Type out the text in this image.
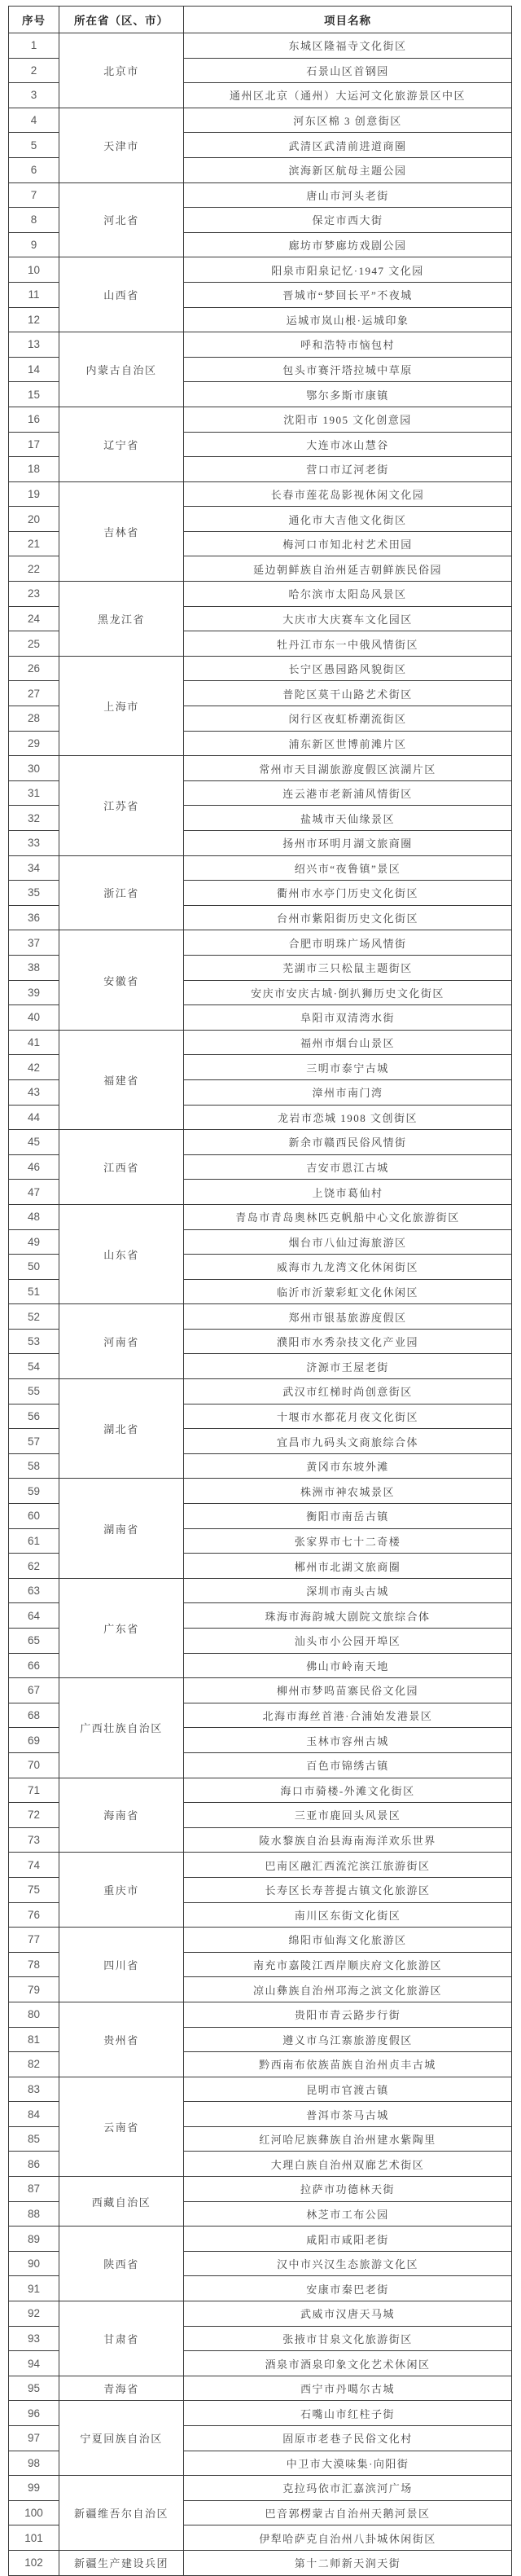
序号	所在省（区、市）	项目名称
1	北京市	东城区隆福寺文化街区
2		石景山区首钢园
3		通州区北京（通州）大运河文化旅游景区中区
4	天津市	河东区棉 3 创意街区
5		武清区武清前进道商圈
6		滨海新区航母主题公园
7	河北省	唐山市河头老街
8		保定市西大街
9		廊坊市梦廊坊戏剧公园
10	山西省	阳泉市阳泉记忆·1947 文化园
11		晋城市“梦回长平”不夜城
12		运城市岚山根·运城印象
13	内蒙古自治区	呼和浩特市恼包村
14		包头市赛汗塔拉城中草原
15		鄂尔多斯市康镇
16	辽宁省	沈阳市 1905 文化创意园
17		大连市冰山慧谷
18		营口市辽河老街
19	吉林省	长春市莲花岛影视休闲文化园
20		通化市大吉他文化街区
21		梅河口市知北村艺术田园
22		延边朝鲜族自治州延吉朝鲜族民俗园
23	黑龙江省	哈尔滨市太阳岛风景区
24		大庆市大庆赛车文化园区
25		牡丹江市东一中俄风情街区
26	上海市	长宁区愚园路风貌街区
27		普陀区莫干山路艺术街区
28		闵行区夜虹桥潮流街区
29		浦东新区世博前滩片区
30	江苏省	常州市天目湖旅游度假区滨湖片区
31		连云港市老新浦风情街区
32		盐城市天仙缘景区
33		扬州市环明月湖文旅商圈
34	浙江省	绍兴市“夜鲁镇”景区
35		衢州市水亭门历史文化街区
36		台州市紫阳街历史文化街区
37	安徽省	合肥市明珠广场风情街
38		芜湖市三只松鼠主题街区
39		安庆市安庆古城·倒扒狮历史文化街区
40		阜阳市双清湾水街
41	福建省	福州市烟台山景区
42		三明市泰宁古城
43		漳州市南门湾
44		龙岩市恋城 1908 文创街区
45	江西省	新余市赣西民俗风情街
46		吉安市恩江古城
47		上饶市葛仙村
48	山东省	青岛市青岛奥林匹克帆船中心文化旅游街区
49		烟台市八仙过海旅游区
50		威海市九龙湾文化休闲街区
51		临沂市沂蒙彩虹文化休闲区
52	河南省	郑州市银基旅游度假区
53		濮阳市水秀杂技文化产业园
54		济源市王屋老街
55	湖北省	武汉市红梯时尚创意街区
56		十堰市水都花月夜文化街区
57		宜昌市九码头文商旅综合体
58		黄冈市东坡外滩
59	湖南省	株洲市神农城景区
60		衡阳市南岳古镇
61		张家界市七十二奇楼
62		郴州市北湖文旅商圈
63	广东省	深圳市南头古城
64		珠海市海韵城大剧院文旅综合体
65		汕头市小公园开埠区
66		佛山市岭南天地
67	广西壮族自治区	柳州市梦呜苗寨民俗文化园
68		北海市海丝首港·合浦始发港景区
69		玉林市容州古城
70		百色市锦绣古镇
71	海南省	海口市骑楼-外滩文化街区
72		三亚市鹿回头风景区
73		陵水黎族自治县海南海洋欢乐世界
74	重庆市	巴南区融汇西流沱滨江旅游街区
75		长寿区长寿菩提古镇文化旅游区
76		南川区东街文化街区
77	四川省	绵阳市仙海文化旅游区
78		南充市嘉陵江西岸顺庆府文化旅游区
79		凉山彝族自治州邛海之滨文化旅游区
80	贵州省	贵阳市青云路步行街
81		遵义市乌江寨旅游度假区
82		黔西南布依族苗族自治州贞丰古城
83	云南省	昆明市官渡古镇
84		普洱市茶马古城
85		红河哈尼族彝族自治州建水紫陶里
86		大理白族自治州双廊艺术街区
87	西藏自治区	拉萨市功德林天街
88		林芝市工布公园
89	陕西省	咸阳市咸阳老街
90		汉中市兴汉生态旅游文化区
91		安康市秦巴老街
92	甘肃省	武威市汉唐天马城
93		张掖市甘泉文化旅游街区
94		酒泉市酒泉印象文化艺术休闲区
95	青海省	西宁市丹噶尔古城
96	宁夏回族自治区	石嘴山市红柱子街
97		固原市老巷子民俗文化村
98		中卫市大漠味集·向阳街
99	新疆维吾尔自治区	克拉玛依市汇嘉滨河广场
100		巴音郭楞蒙古自治州天鹅河景区
101		伊犁哈萨克自治州八卦城休闲街区
102	新疆生产建设兵团	第十二师新天润天街
